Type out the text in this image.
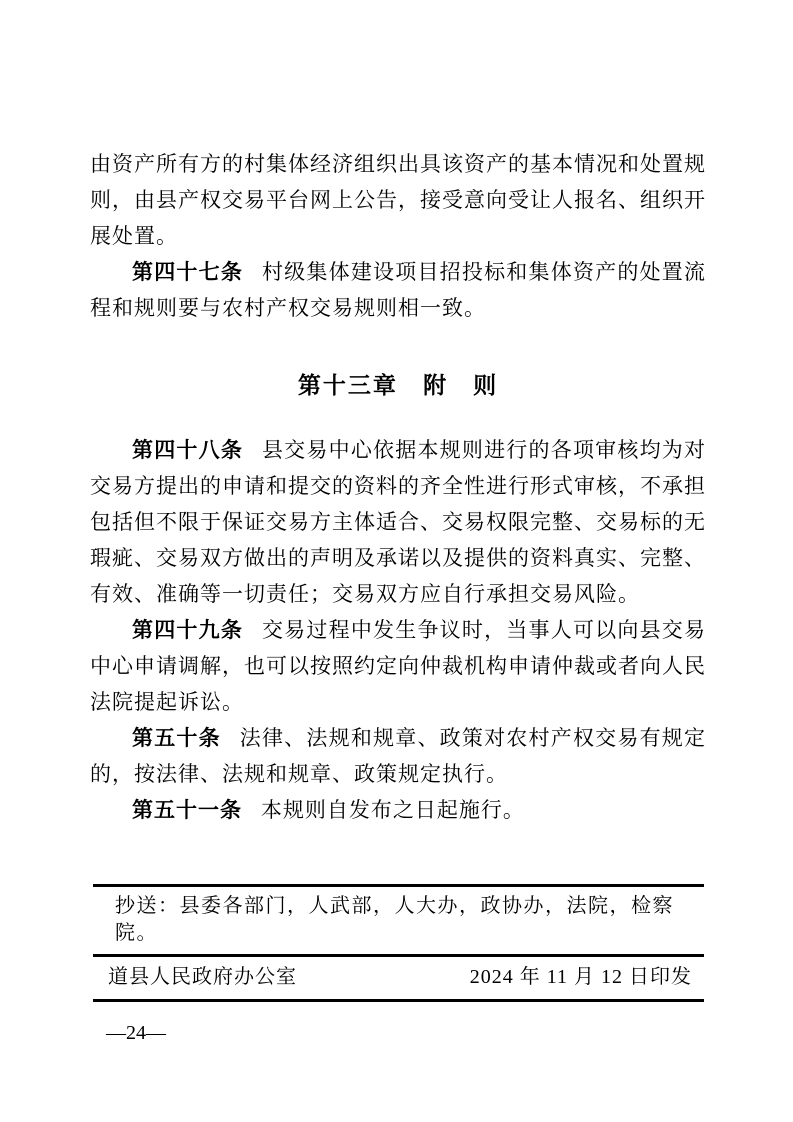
由资产所有方的村集体经济组织出具该资产的基本情况和处置规则，由县产权交易平台网上公告，接受意向受让人报名、组织开展处置。

第四十七条 村级集体建设项目招投标和集体资产的处置流程和规则要与农村产权交易规则相一致。

第十三章 附　则

第四十八条 县交易中心依据本规则进行的各项审核均为对交易方提出的申请和提交的资料的齐全性进行形式审核，不承担包括但不限于保证交易方主体适合、交易权限完整、交易标的无瑕疵、交易双方做出的声明及承诺以及提供的资料真实、完整、有效、准确等一切责任；交易双方应自行承担交易风险。

第四十九条 交易过程中发生争议时，当事人可以向县交易中心申请调解，也可以按照约定向仲裁机构申请仲裁或者向人民法院提起诉讼。

第五十条 法律、法规和规章、政策对农村产权交易有规定的，按法律、法规和规章、政策规定执行。

第五十一条 本规则自发布之日起施行。

抄送：县委各部门，人武部，人大办，政协办，法院，检察院。
道县人民政府办公室	2024 年 11 月 12 日印发
—24—
